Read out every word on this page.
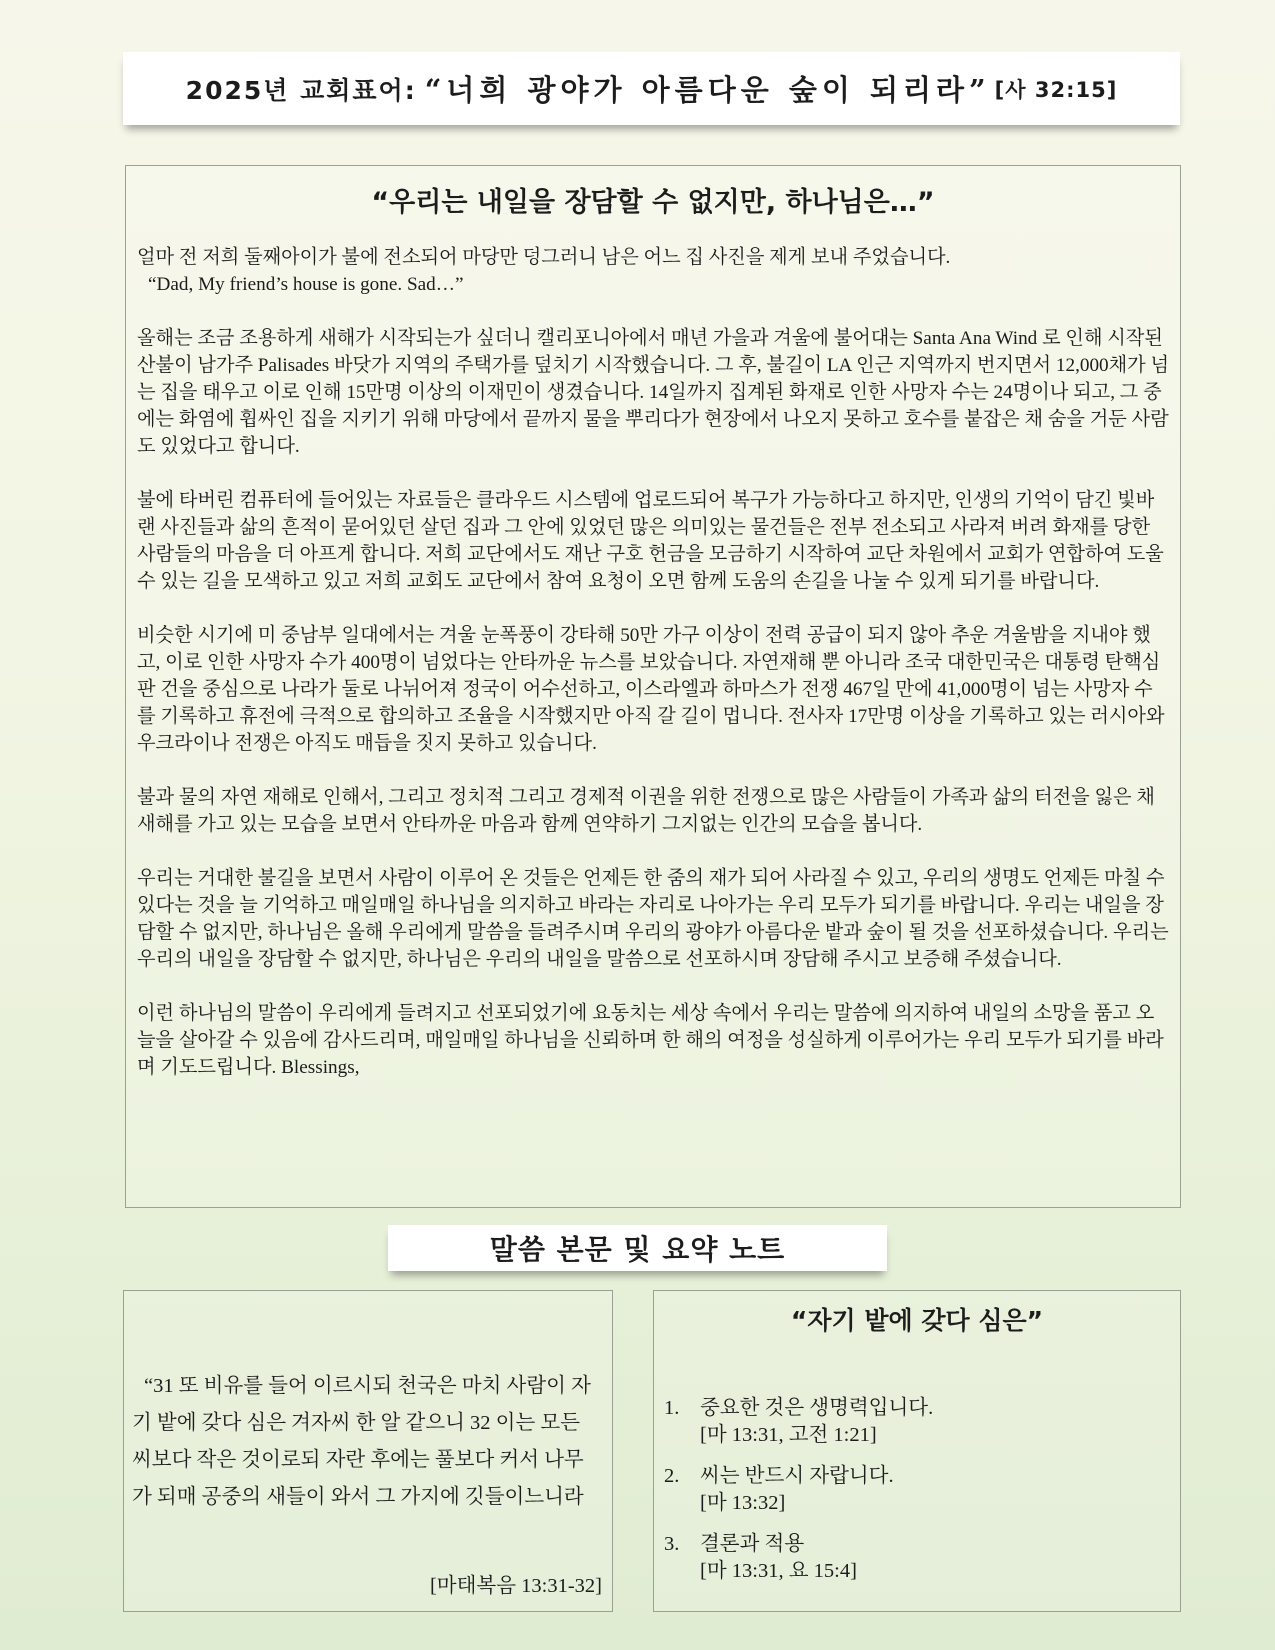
2025년 교회표어: “너희 광야가 아름다운 숲이 되리라” [사 32:15]
“우리는 내일을 장담할 수 없지만, 하나님은…”
얼마 전 저희 둘째아이가 불에 전소되어 마당만 덩그러니 남은 어느 집 사진을 제게 보내 주었습니다.

“Dad, My friend’s house is gone. Sad…”

올해는 조금 조용하게 새해가 시작되는가 싶더니 캘리포니아에서 매년 가을과 겨울에 불어대는 Santa Ana Wind 로 인해 시작된 산불이 남가주 Palisades 바닷가 지역의 주택가를 덮치기 시작했습니다. 그 후, 불길이 LA 인근 지역까지 번지면서 12,000채가 넘는 집을 태우고 이로 인해 15만명 이상의 이재민이 생겼습니다. 14일까지 집계된 화재로 인한 사망자 수는 24명이나 되고, 그 중에는 화염에 휩싸인 집을 지키기 위해 마당에서 끝까지 물을 뿌리다가 현장에서 나오지 못하고 호수를 붙잡은 채 숨을 거둔 사람도 있었다고 합니다.

불에 타버린 컴퓨터에 들어있는 자료들은 클라우드 시스템에 업로드되어 복구가 가능하다고 하지만, 인생의 기억이 담긴 빛바랜 사진들과 삶의 흔적이 묻어있던 살던 집과 그 안에 있었던 많은 의미있는 물건들은 전부 전소되고 사라져 버려 화재를 당한 사람들의 마음을 더 아프게 합니다. 저희 교단에서도 재난 구호 헌금을 모금하기 시작하여 교단 차원에서 교회가 연합하여 도울 수 있는 길을 모색하고 있고 저희 교회도 교단에서 참여 요청이 오면 함께 도움의 손길을 나눌 수 있게 되기를 바랍니다.

비슷한 시기에 미 중남부 일대에서는 겨울 눈폭풍이 강타해 50만 가구 이상이 전력 공급이 되지 않아 추운 겨울밤을 지내야 했고, 이로 인한 사망자 수가 400명이 넘었다는 안타까운 뉴스를 보았습니다. 자연재해 뿐 아니라 조국 대한민국은 대통령 탄핵심판 건을 중심으로 나라가 둘로 나뉘어져 정국이 어수선하고, 이스라엘과 하마스가 전쟁 467일 만에 41,000명이 넘는 사망자 수를 기록하고 휴전에 극적으로 합의하고 조율을 시작했지만 아직 갈 길이 멉니다. 전사자 17만명 이상을 기록하고 있는 러시아와 우크라이나 전쟁은 아직도 매듭을 짓지 못하고 있습니다.

불과 물의 자연 재해로 인해서, 그리고 정치적 그리고 경제적 이권을 위한 전쟁으로 많은 사람들이 가족과 삶의 터전을 잃은 채 새해를 가고 있는 모습을 보면서 안타까운 마음과 함께 연약하기 그지없는 인간의 모습을 봅니다.

우리는 거대한 불길을 보면서 사람이 이루어 온 것들은 언제든 한 줌의 재가 되어 사라질 수 있고, 우리의 생명도 언제든 마칠 수 있다는 것을 늘 기억하고 매일매일 하나님을 의지하고 바라는 자리로 나아가는 우리 모두가 되기를 바랍니다. 우리는 내일을 장담할 수 없지만, 하나님은 올해 우리에게 말씀을 들려주시며 우리의 광야가 아름다운 밭과 숲이 될 것을 선포하셨습니다. 우리는 우리의 내일을 장담할 수 없지만, 하나님은 우리의 내일을 말씀으로 선포하시며 장담해 주시고 보증해 주셨습니다.

이런 하나님의 말씀이 우리에게 들려지고 선포되었기에 요동치는 세상 속에서 우리는 말씀에 의지하여 내일의 소망을 품고 오늘을 살아갈 수 있음에 감사드리며, 매일매일 하나님을 신뢰하며 한 해의 여정을 성실하게 이루어가는 우리 모두가 되기를 바라며 기도드립니다. Blessings,

말씀 본문 및 요약 노트
“31 또 비유를 들어 이르시되 천국은 마치 사람이 자기 밭에 갖다 심은 겨자씨 한 알 같으니 32 이는 모든 씨보다 작은 것이로되 자란 후에는 풀보다 커서 나무가 되매 공중의 새들이 와서 그 가지에 깃들이느니라
[마태복음 13:31-32]
“자기 밭에 갖다 심은”
1.	중요한 것은 생명력입니다.
[마 13:31, 고전 1:21]
2.	씨는 반드시 자랍니다.
[마 13:32]
3.	결론과 적용
[마 13:31, 요 15:4]
